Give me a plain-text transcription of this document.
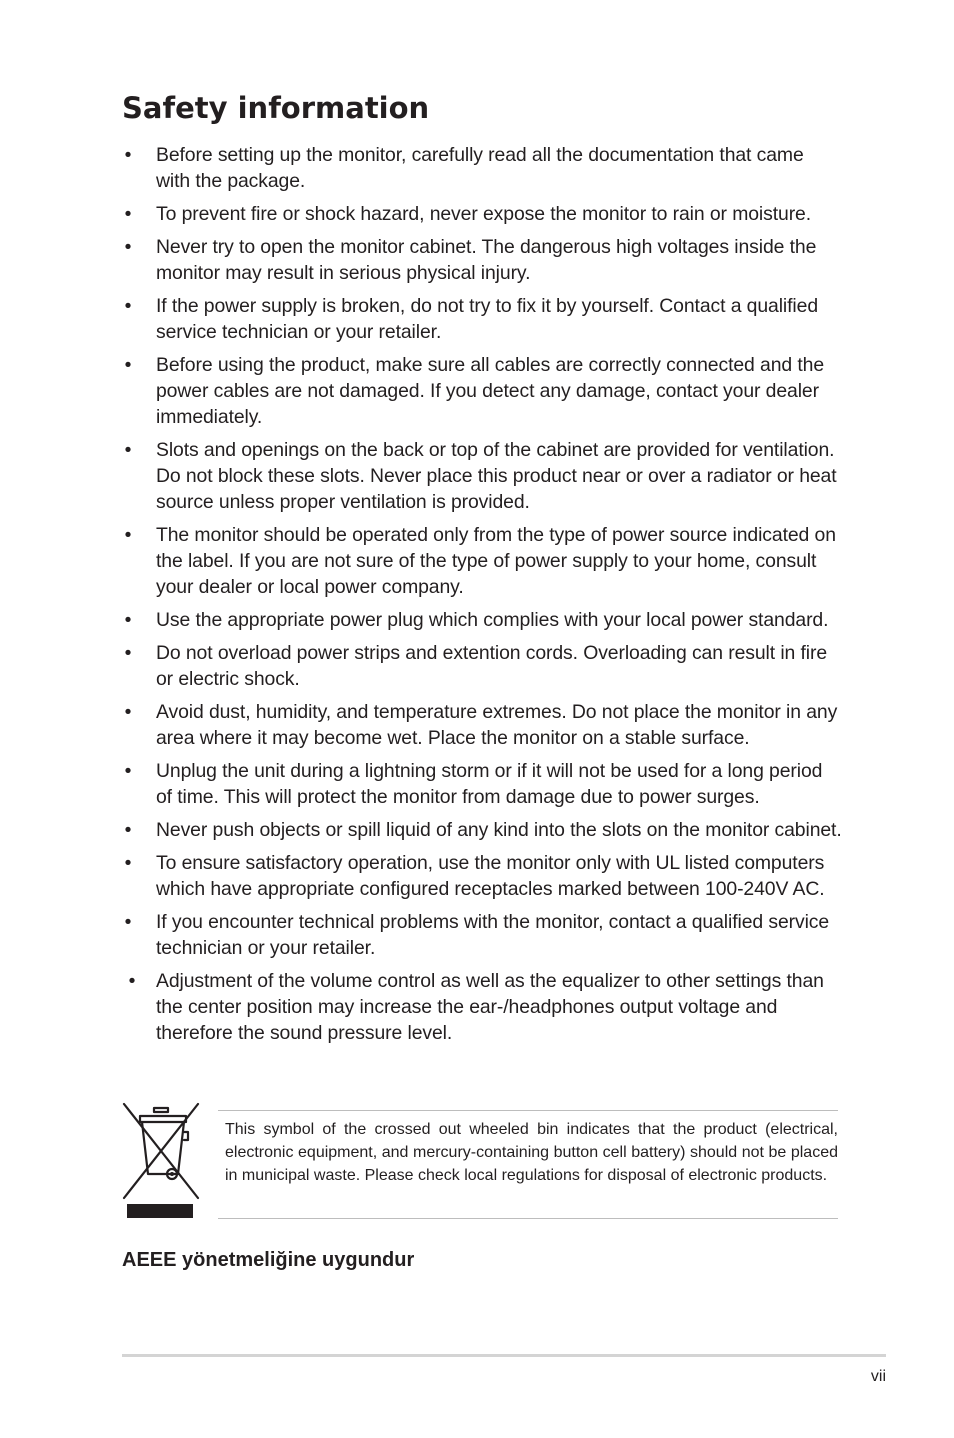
Safety information
• Before setting up the monitor, carefully read all the documentation that came with the package.
• To prevent fire or shock hazard, never expose the monitor to rain or moisture.
• Never try to open the monitor cabinet. The dangerous high voltages inside the monitor may result in serious physical injury.
• If the power supply is broken, do not try to fix it by yourself. Contact a qualified service technician or your retailer.
• Before using the product, make sure all cables are correctly connected and the power cables are not damaged. If you detect any damage, contact your dealer immediately.
• Slots and openings on the back or top of the cabinet are provided for ventilation. Do not block these slots. Never place this product near or over a radiator or heat source unless proper ventilation is provided.
• The monitor should be operated only from the type of power source indicated on the label. If you are not sure of the type of power supply to your home, consult your dealer or local power company.
• Use the appropriate power plug which complies with your local power standard.
• Do not overload power strips and extention cords. Overloading can result in fire or electric shock.
• Avoid dust, humidity, and temperature extremes. Do not place the monitor in any area where it may become wet. Place the monitor on a stable surface.
• Unplug the unit during a lightning storm or if it will not be used for a long period of time. This will protect the monitor from damage due to power surges.
• Never push objects or spill liquid of any kind into the slots on the monitor cabinet.
• To ensure satisfactory operation, use the monitor only with UL listed computers which have appropriate configured receptacles marked between 100-240V AC.
• If you encounter technical problems with the monitor, contact a qualified service technician or your retailer.
• Adjustment of the volume control as well as the equalizer to other settings than the center position may increase the ear-/headphones output voltage and therefore the sound pressure level.

This symbol of the crossed out wheeled bin indicates that the product (electrical, electronic equipment, and mercury-containing button cell battery) should not be placed in municipal waste. Please check local regulations for disposal of electronic products.

AEEE yönetmeliğine uygundur
vii
